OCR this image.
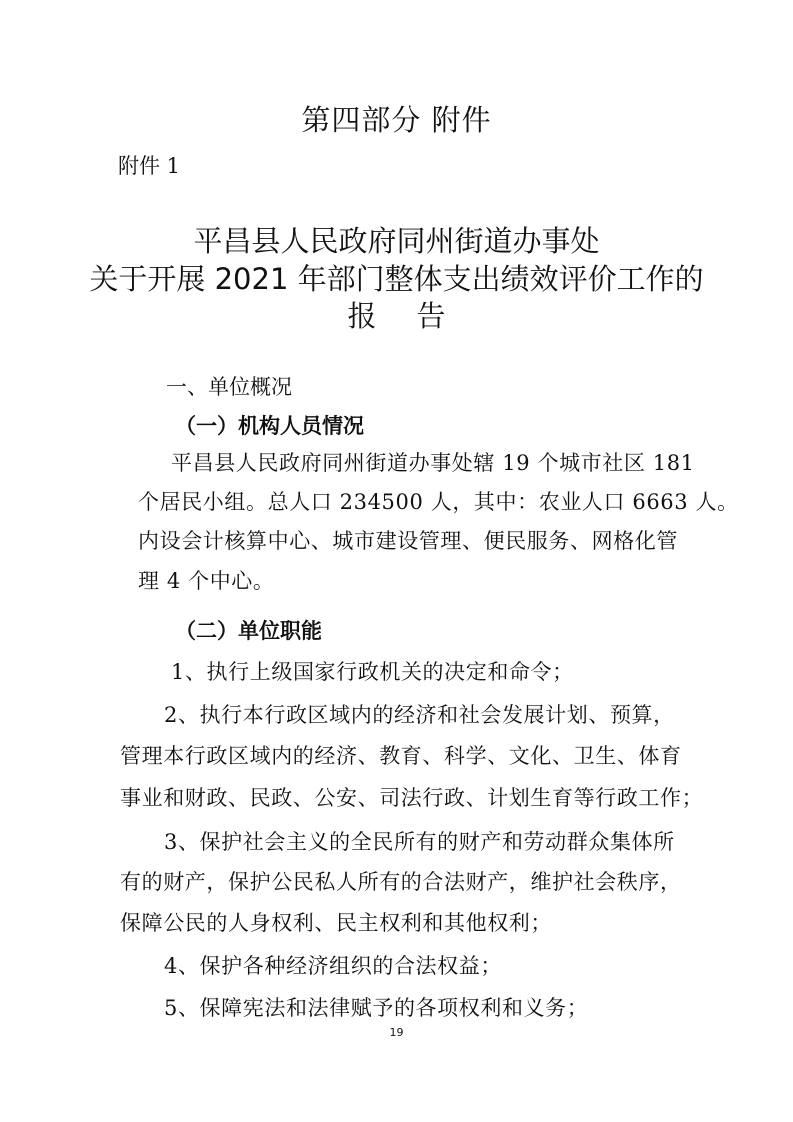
第四部分 附件
附件 1
平昌县人民政府同州街道办事处
关于开展 2021 年部门整体支出绩效评价工作的
报 告
一、单位概况
（一）机构人员情况
平昌县人民政府同州街道办事处辖 19 个城市社区 181
个居民小组。总人口 234500 人，其中：农业人口 6663 人。
内设会计核算中心、城市建设管理、便民服务、网格化管
理 4 个中心。
（二）单位职能
1、执行上级国家行政机关的决定和命令；
2、执行本行政区域内的经济和社会发展计划、预算，
管理本行政区域内的经济、教育、科学、文化、卫生、体育
事业和财政、民政、公安、司法行政、计划生育等行政工作；
3、保护社会主义的全民所有的财产和劳动群众集体所
有的财产，保护公民私人所有的合法财产，维护社会秩序，
保障公民的人身权利、民主权利和其他权利；
4、保护各种经济组织的合法权益；
5、保障宪法和法律赋予的各项权利和义务；
19
